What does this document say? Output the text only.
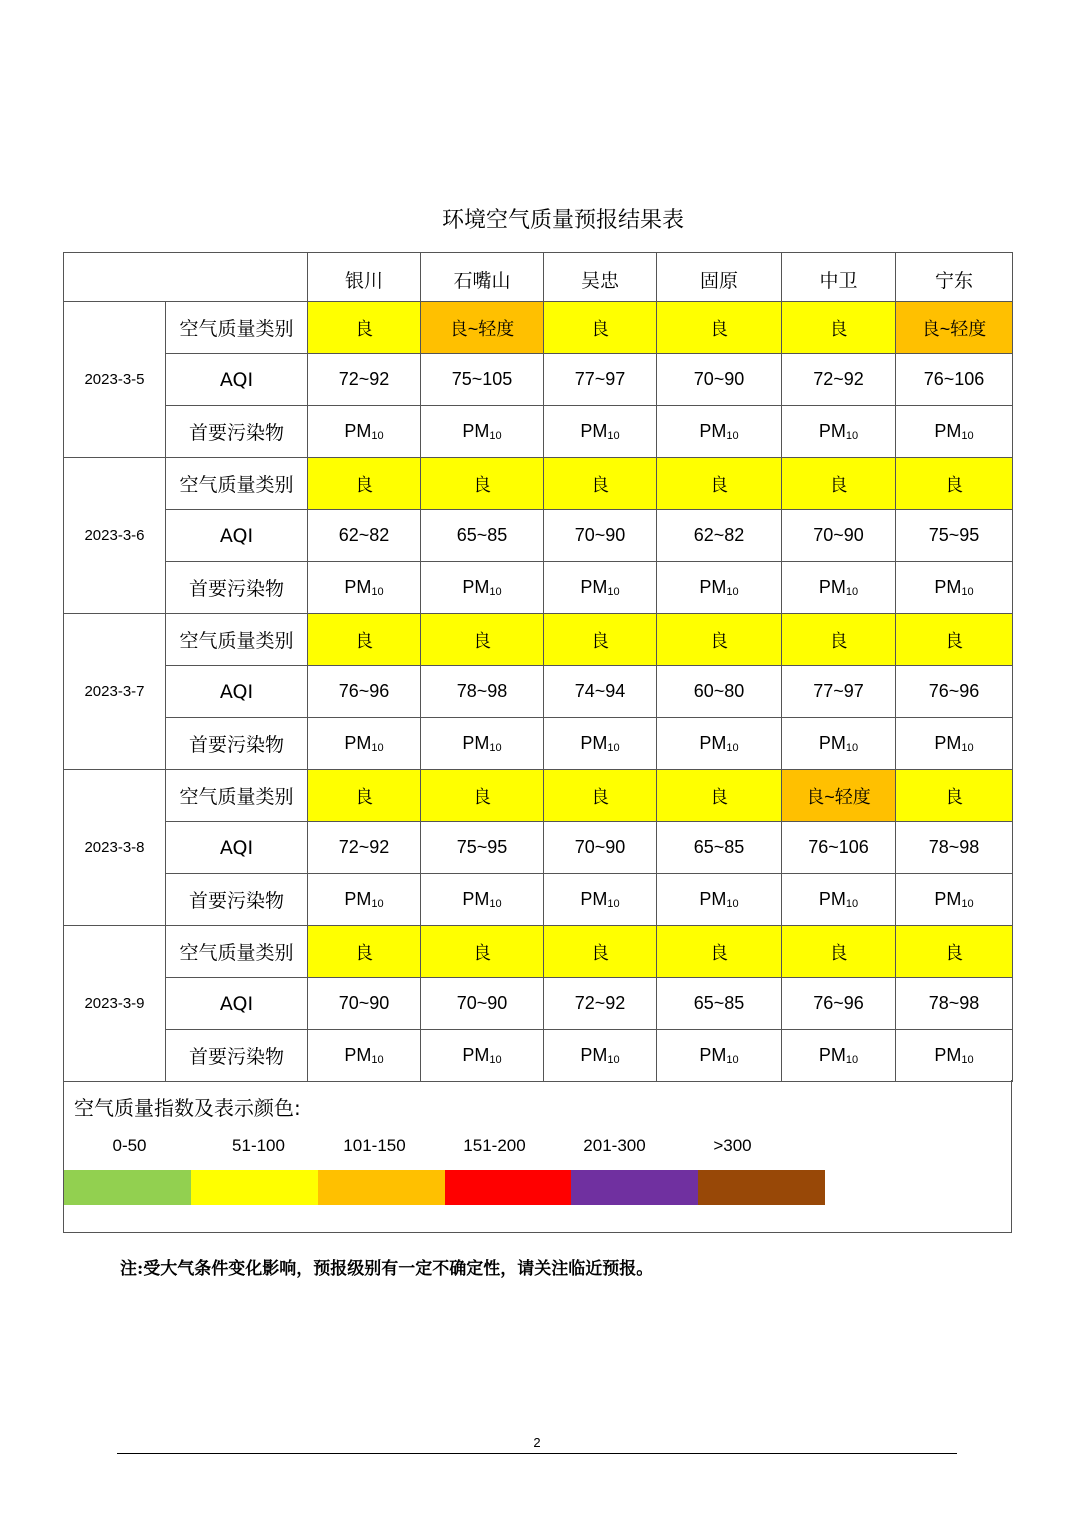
环境空气质量预报结果表
		银川	石嘴山	吴忠	固原	中卫	宁东
2023-3-5	空气质量类别	良	良~轻度	良	良	良	良~轻度
	AQI	72~92	75~105	77~97	70~90	72~92	76~106
	首要污染物	$PM_{10}$	$PM_{10}$	$PM_{10}$	$PM_{10}$	$PM_{10}$	$PM_{10}$
2023-3-6	空气质量类别	良	良	良	良	良	良
	AQI	62~82	65~85	70~90	62~82	70~90	75~95
	首要污染物	$PM_{10}$	$PM_{10}$	$PM_{10}$	$PM_{10}$	$PM_{10}$	$PM_{10}$
2023-3-7	空气质量类别	良	良	良	良	良	良
	AQI	76~96	78~98	74~94	60~80	77~97	76~96
	首要污染物	$PM_{10}$	$PM_{10}$	$PM_{10}$	$PM_{10}$	$PM_{10}$	$PM_{10}$
2023-3-8	空气质量类别	良	良	良	良	良~轻度	良
	AQI	72~92	75~95	70~90	65~85	76~106	78~98
	首要污染物	$PM_{10}$	$PM_{10}$	$PM_{10}$	$PM_{10}$	$PM_{10}$	$PM_{10}$
2023-3-9	空气质量类别	良	良	良	良	良	良
	AQI	70~90	70~90	72~92	65~85	76~96	78~98
	首要污染物	$PM_{10}$	$PM_{10}$	$PM_{10}$	$PM_{10}$	$PM_{10}$	$PM_{10}$
空气质量指数及表示颜色:
0-50	51-100	101-150	151-200	201-300	>300
注:受大气条件变化影响，预报级别有一定不确定性，请关注临近预报。
2
